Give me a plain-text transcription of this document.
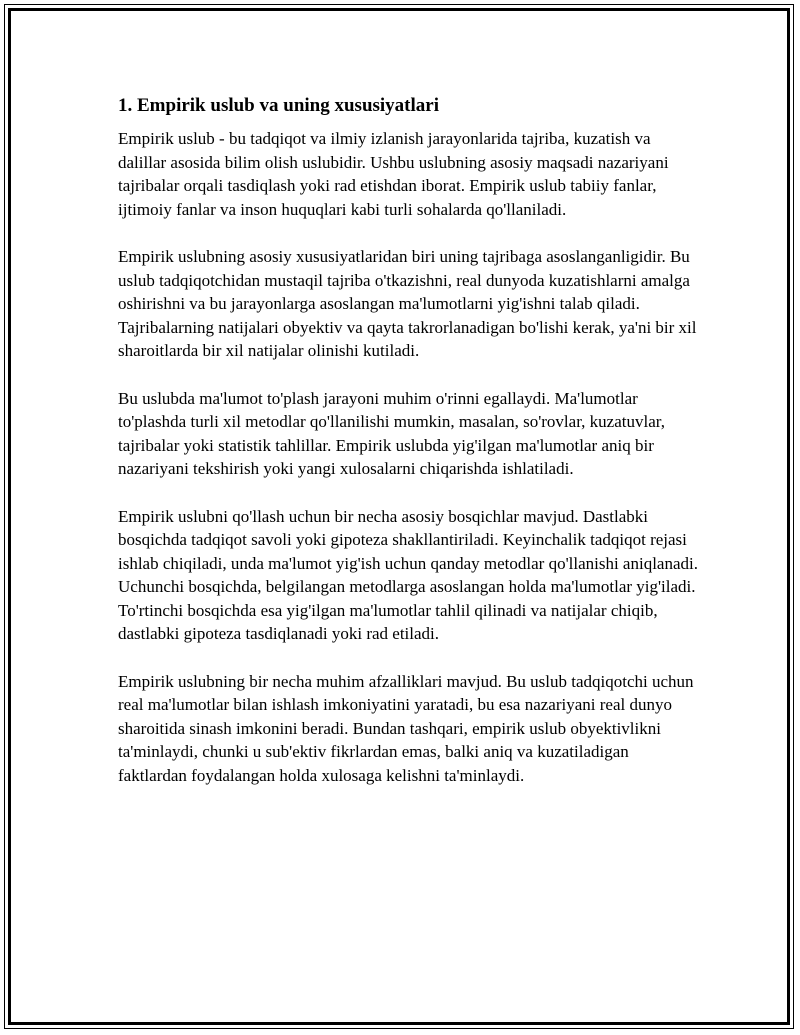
1. Empirik uslub va uning xususiyatlari

Empirik uslub - bu tadqiqot va ilmiy izlanish jarayonlarida tajriba, kuzatish va dalillar asosida bilim olish uslubidir. Ushbu uslubning asosiy maqsadi nazariyani tajribalar orqali tasdiqlash yoki rad etishdan iborat. Empirik uslub tabiiy fanlar, ijtimoiy fanlar va inson huquqlari kabi turli sohalarda qo'llaniladi.

Empirik uslubning asosiy xususiyatlaridan biri uning tajribaga asoslanganligidir. Bu uslub tadqiqotchidan mustaqil tajriba o'tkazishni, real dunyoda kuzatishlarni amalga oshirishni va bu jarayonlarga asoslangan ma'lumotlarni yig'ishni talab qiladi. Tajribalarning natijalari obyektiv va qayta takrorlanadigan bo'lishi kerak, ya'ni bir xil sharoitlarda bir xil natijalar olinishi kutiladi.

Bu uslubda ma'lumot to'plash jarayoni muhim o'rinni egallaydi. Ma'lumotlar to'plashda turli xil metodlar qo'llanilishi mumkin, masalan, so'rovlar, kuzatuvlar, tajribalar yoki statistik tahlillar. Empirik uslubda yig'ilgan ma'lumotlar aniq bir nazariyani tekshirish yoki yangi xulosalarni chiqarishda ishlatiladi.

Empirik uslubni qo'llash uchun bir necha asosiy bosqichlar mavjud. Dastlabki bosqichda tadqiqot savoli yoki gipoteza shakllantiriladi. Keyinchalik tadqiqot rejasi ishlab chiqiladi, unda ma'lumot yig'ish uchun qanday metodlar qo'llanishi aniqlanadi. Uchunchi bosqichda, belgilangan metodlarga asoslangan holda ma'lumotlar yig'iladi. To'rtinchi bosqichda esa yig'ilgan ma'lumotlar tahlil qilinadi va natijalar chiqib, dastlabki gipoteza tasdiqlanadi yoki rad etiladi.

Empirik uslubning bir necha muhim afzalliklari mavjud. Bu uslub tadqiqotchi uchun real ma'lumotlar bilan ishlash imkoniyatini yaratadi, bu esa nazariyani real dunyo sharoitida sinash imkonini beradi. Bundan tashqari, empirik uslub obyektivlikni ta'minlaydi, chunki u sub'ektiv fikrlardan emas, balki aniq va kuzatiladigan faktlardan foydalangan holda xulosaga kelishni ta'minlaydi.
